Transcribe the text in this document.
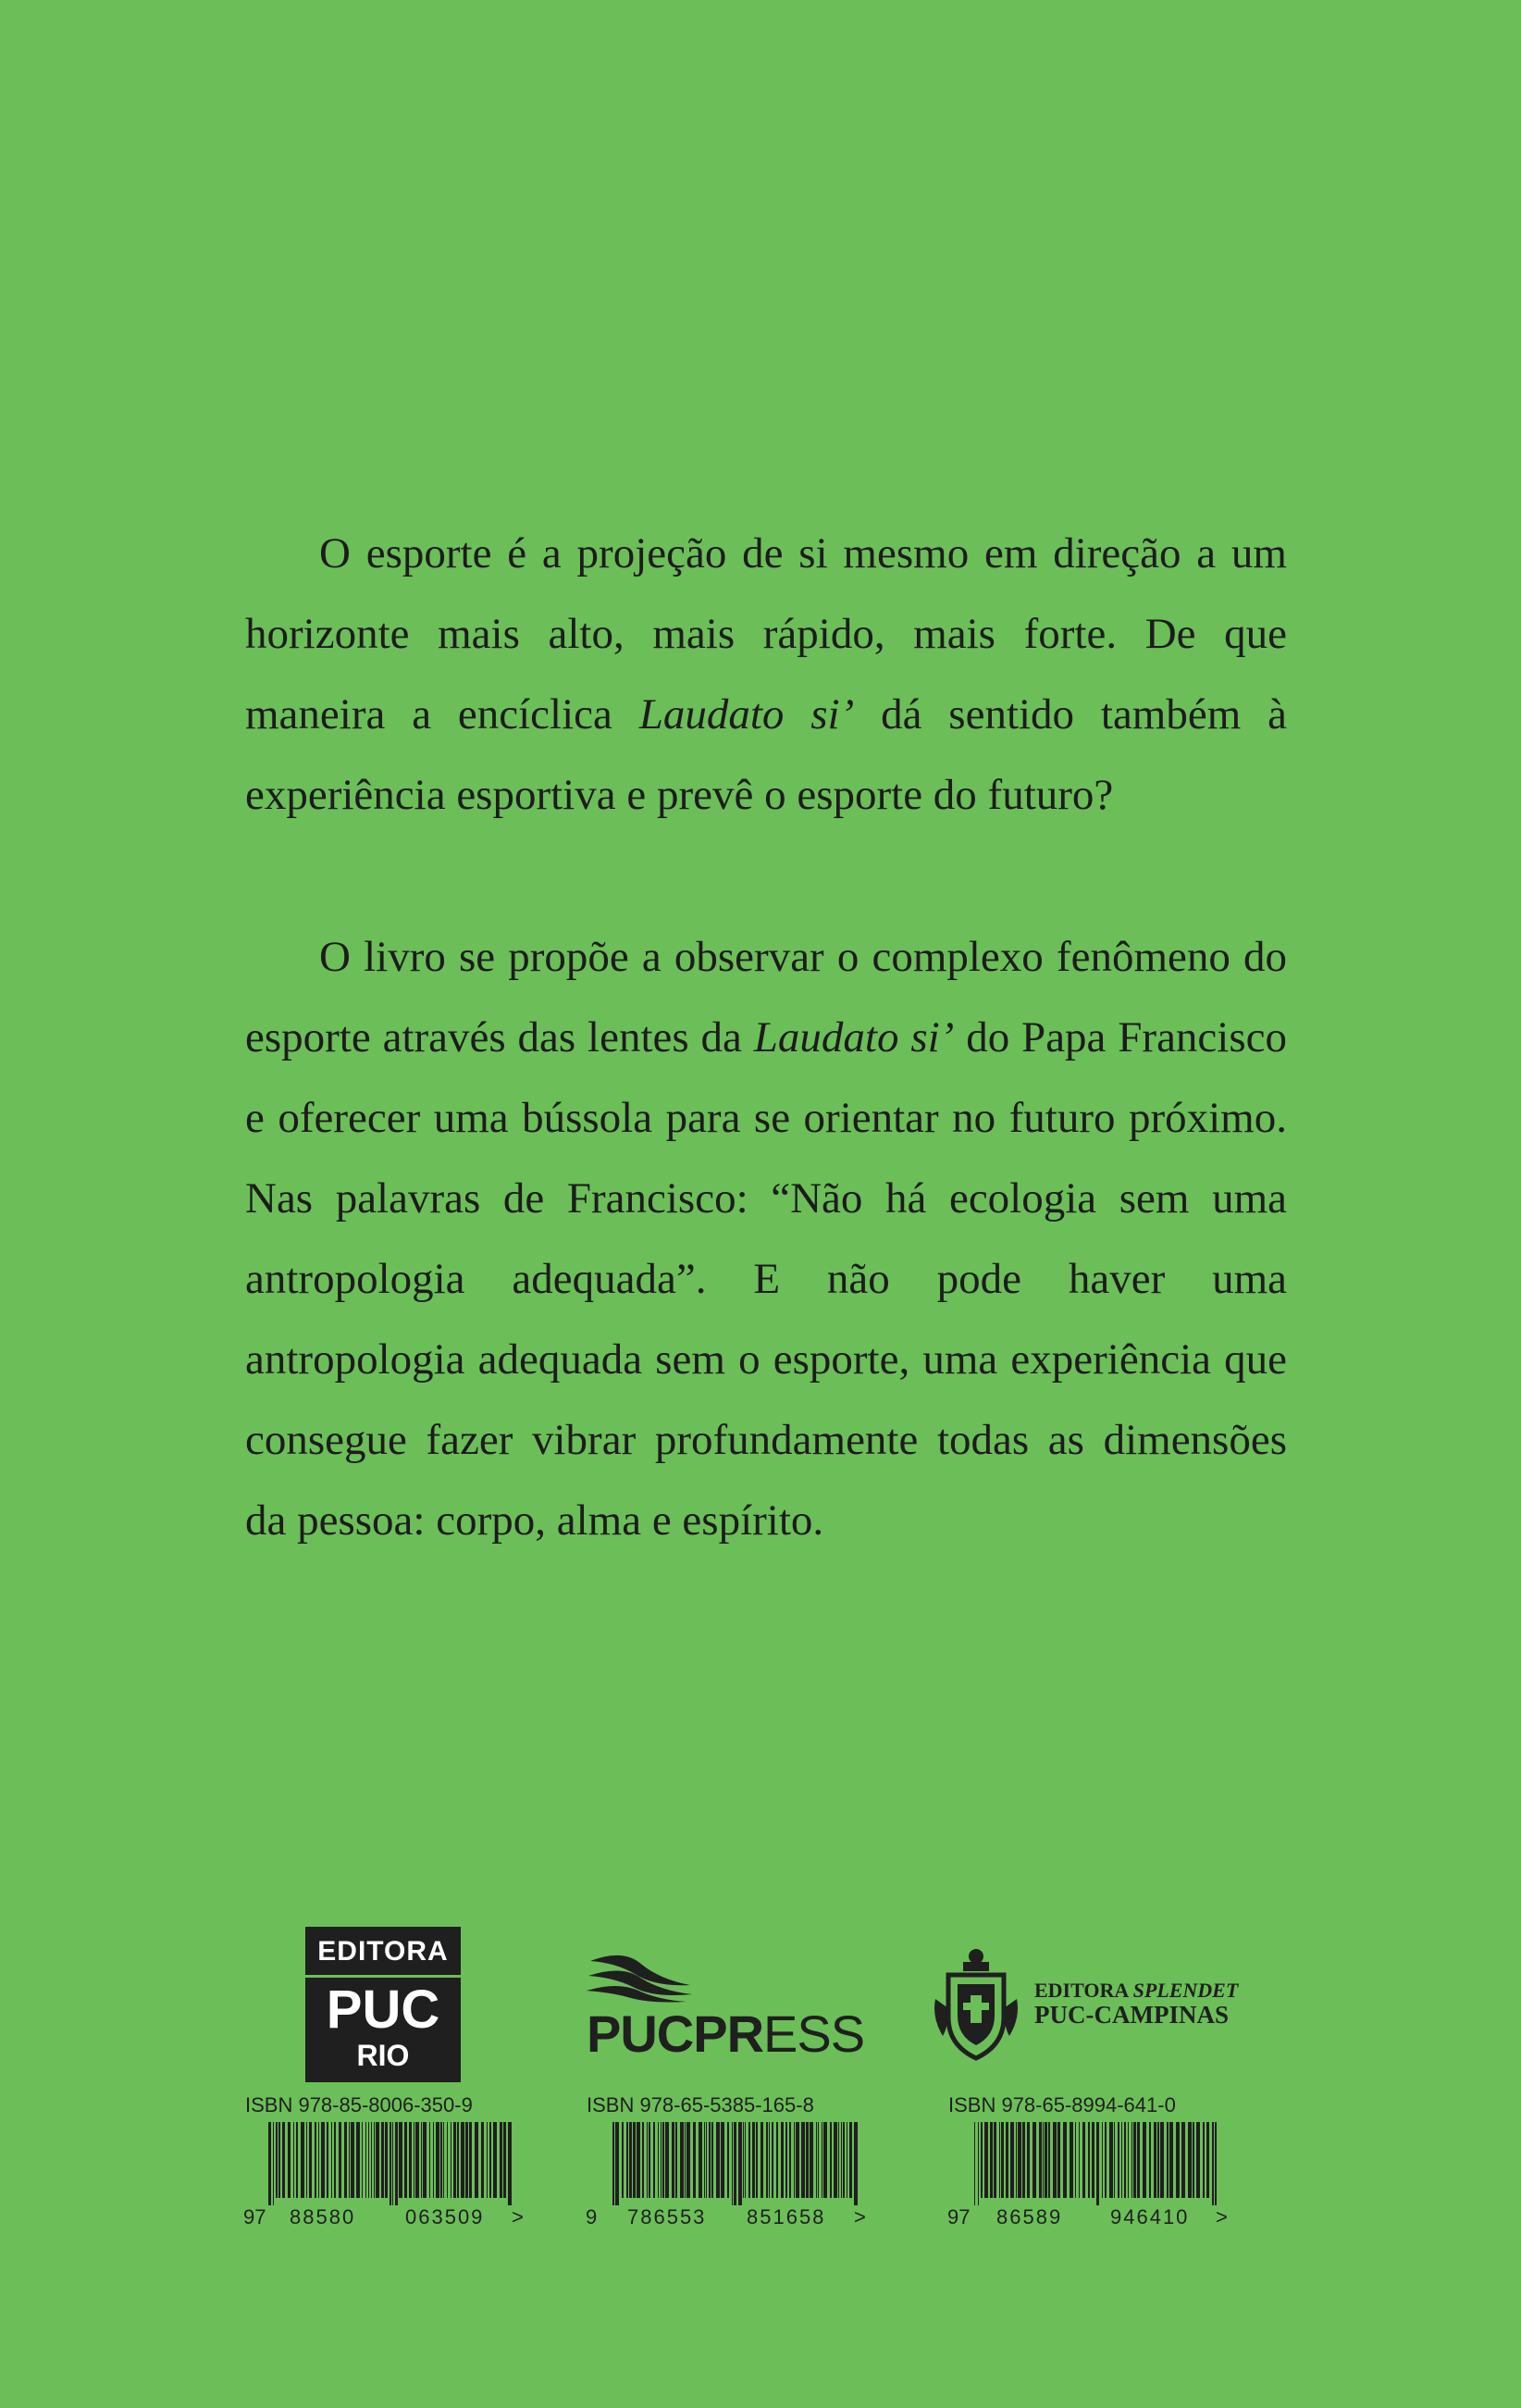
O esporte é a projeção de si mesmo em direção a um horizonte mais alto, mais rápido, mais forte. De que maneira a encíclica Laudato si’ dá sentido também à experiência esportiva e prevê o esporte do futuro?

O livro se propõe a observar o complexo fenômeno do esporte através das lentes da Laudato si’ do Papa Francisco e oferecer uma bússola para se orientar no futuro próximo. Nas palavras de Francisco: “Não há ecologia sem uma antropologia adequada”. E não pode haver uma antropologia adequada sem o esporte, uma experiência que consegue fazer vibrar profundamente todas as dimensões da pessoa: corpo, alma e espírito.

EDITORA
PUC
RIO	PUCPRESS
EDITORA SPLENDET
PUC-CAMPINAS
ISBN 978-85-8006-350-9	ISBN 978-65-5385-165-8	ISBN 978-65-8994-641-0
97 88580 063509 >	9 786553 851658 >	97 86589 946410 >
